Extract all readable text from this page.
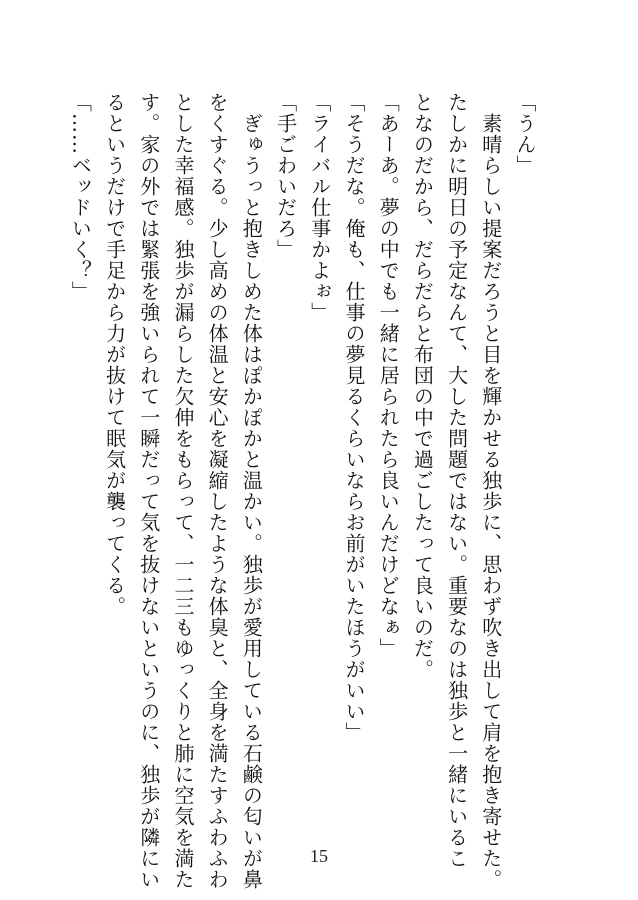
「うん」
　素晴らしい提案だろうと目を輝かせる独歩に、思わず吹き出して肩を抱き寄せた。
たしかに明日の予定なんて、大した問題ではない。重要なのは独歩と一緒にいるこ
となのだから、だらだらと布団の中で過ごしたって良いのだ。
「あーあ。夢の中でも一緒に居られたら良いんだけどなぁ」
「そうだな。俺も、仕事の夢見るくらいならお前がいたほうがいい」
「ライバル仕事かよぉ」
「手ごわいだろ」
　ぎゅうっと抱きしめた体はぽかぽかと温かい。独歩が愛用している石鹸の匂いが鼻
をくすぐる。少し高めの体温と安心を凝縮したような体臭と、全身を満たすふわふわ
とした幸福感。独歩が漏らした欠伸をもらって、一二三もゆっくりと肺に空気を満た
す。家の外では緊張を強いられて一瞬だって気を抜けないというのに、独歩が隣にい
るというだけで手足から力が抜けて眠気が襲ってくる。
「……ベッドいく？」
15
